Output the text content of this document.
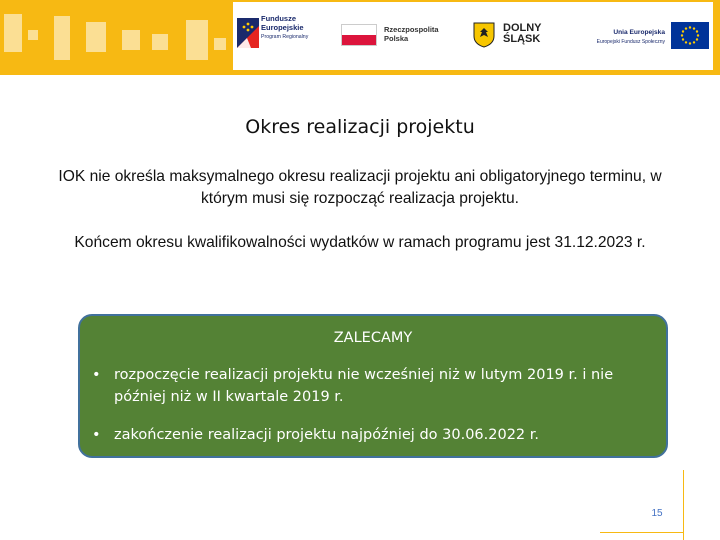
Fundusze
Europejskie
Program Regionalny
Rzeczpospolita
Polska
DOLNY
ŚLĄSK
Unia Europejska
Europejski Fundusz Społeczny
Okres realizacji projektu
IOK nie określa maksymalnego okresu realizacji projektu ani obligatoryjnego terminu, w którym musi się rozpocząć realizacja projektu.
Końcem okresu kwalifikowalności wydatków w ramach programu jest 31.12.2023 r.
ZALECAMY
• rozpoczęcie realizacji projektu nie wcześniej niż w lutym 2019 r. i nie później niż w II kwartale 2019 r.
• zakończenie realizacji projektu najpóźniej do 30.06.2022 r.
15
